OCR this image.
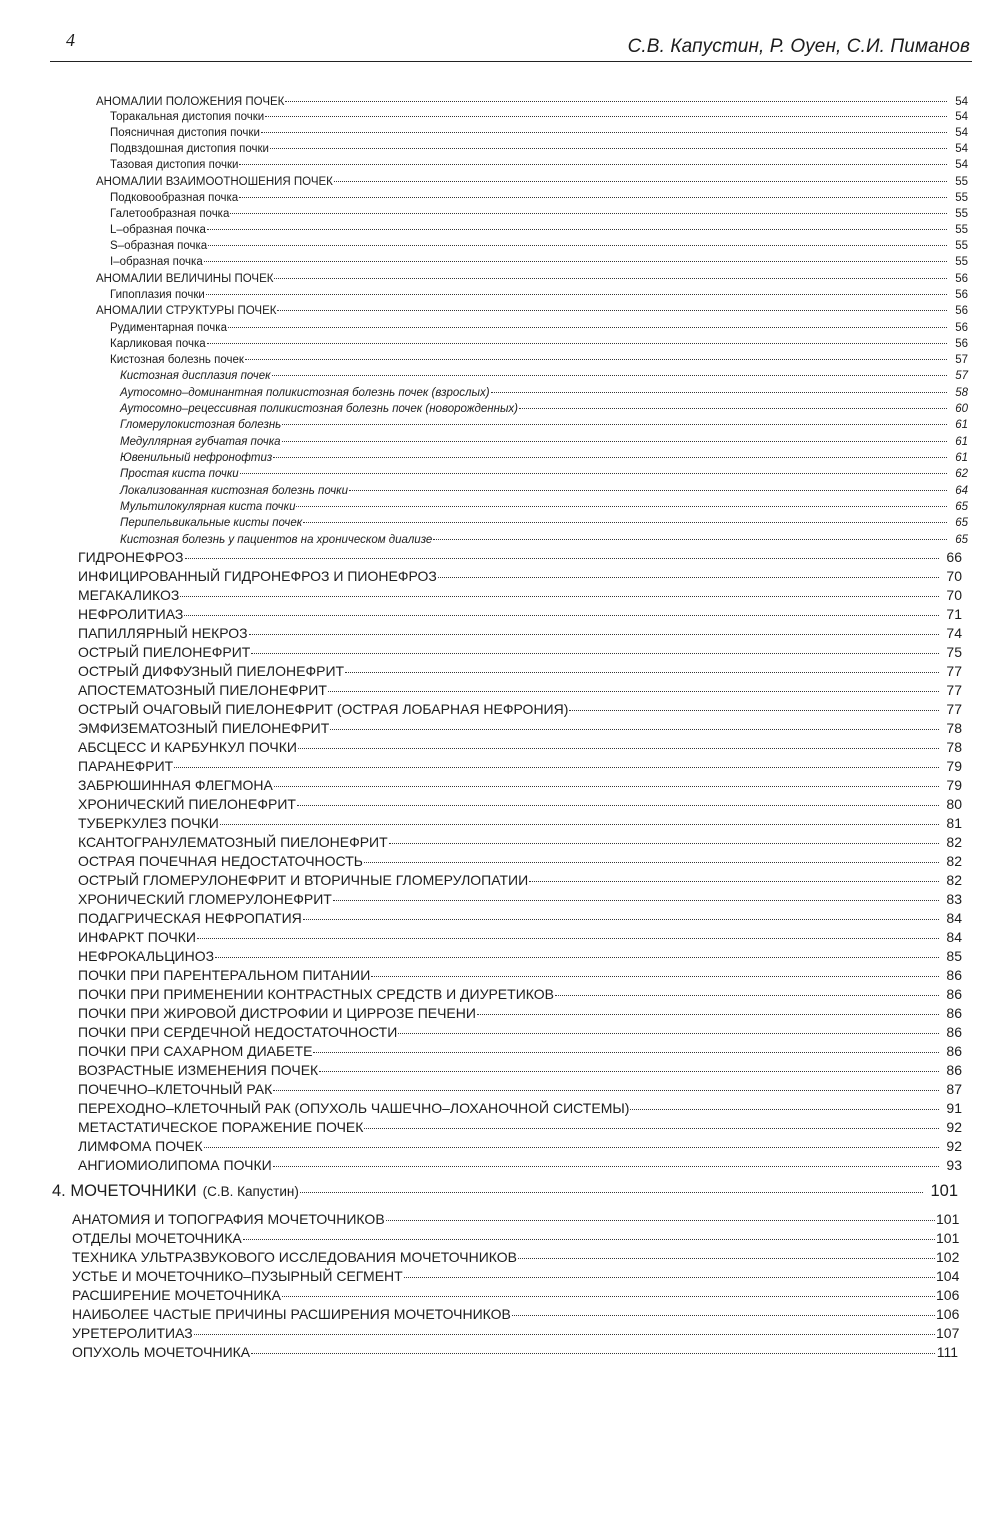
4	С.В. Капустин, Р. Оуен, С.И. Пиманов
АНОМАЛИИ ПОЛОЖЕНИЯ ПОЧЕК	54
Торакальная дистопия почки	54
Поясничная дистопия почки	54
Подвздошная дистопия почки	54
Тазовая дистопия почки	54
АНОМАЛИИ ВЗАИМООТНОШЕНИЯ ПОЧЕК	55
Подковообразная почка	55
Галетообразная почка	55
L–образная почка	55
S–образная почка	55
I–образная почка	55
АНОМАЛИИ ВЕЛИЧИНЫ ПОЧЕК	56
Гипоплазия почки	56
АНОМАЛИИ СТРУКТУРЫ ПОЧЕК	56
Рудиментарная почка	56
Карликовая почка	56
Кистозная болезнь почек	57
Кистозная дисплазия почек	57
Аутосомно–доминантная поликистозная болезнь почек (взрослых)	58
Аутосомно–рецессивная поликистозная болезнь почек (новорожденных)	60
Гломерулокистозная болезнь	61
Медуллярная губчатая почка	61
Ювенильный нефронофтиз	61
Простая киста почки	62
Локализованная кистозная болезнь почки	64
Мультилокулярная киста почки	65
Перипельвикальные кисты почек	65
Кистозная болезнь у пациентов на хроническом диализе	65
ГИДРОНЕФРОЗ	66
ИНФИЦИРОВАННЫЙ ГИДРОНЕФРОЗ И ПИОНЕФРОЗ	70
МЕГАКАЛИКОЗ	70
НЕФРОЛИТИАЗ	71
ПАПИЛЛЯРНЫЙ НЕКРОЗ	74
ОСТРЫЙ ПИЕЛОНЕФРИТ	75
ОСТРЫЙ ДИФФУЗНЫЙ ПИЕЛОНЕФРИТ	77
АПОСТЕМАТОЗНЫЙ ПИЕЛОНЕФРИТ	77
ОСТРЫЙ ОЧАГОВЫЙ ПИЕЛОНЕФРИТ (ОСТРАЯ ЛОБАРНАЯ НЕФРОНИЯ)	77
ЭМФИЗЕМАТОЗНЫЙ ПИЕЛОНЕФРИТ	78
АБСЦЕСС И КАРБУНКУЛ ПОЧКИ	78
ПАРАНЕФРИТ	79
ЗАБРЮШИННАЯ ФЛЕГМОНА	79
ХРОНИЧЕСКИЙ ПИЕЛОНЕФРИТ	80
ТУБЕРКУЛЕЗ ПОЧКИ	81
КСАНТОГРАНУЛЕМАТОЗНЫЙ ПИЕЛОНЕФРИТ	82
ОСТРАЯ ПОЧЕЧНАЯ НЕДОСТАТОЧНОСТЬ	82
ОСТРЫЙ ГЛОМЕРУЛОНЕФРИТ И ВТОРИЧНЫЕ ГЛОМЕРУЛОПАТИИ	82
ХРОНИЧЕСКИЙ ГЛОМЕРУЛОНЕФРИТ	83
ПОДАГРИЧЕСКАЯ НЕФРОПАТИЯ	84
ИНФАРКТ ПОЧКИ	84
НЕФРОКАЛЬЦИНОЗ	85
ПОЧКИ ПРИ ПАРЕНТЕРАЛЬНОМ ПИТАНИИ	86
ПОЧКИ ПРИ ПРИМЕНЕНИИ КОНТРАСТНЫХ СРЕДСТВ И ДИУРЕТИКОВ	86
ПОЧКИ ПРИ ЖИРОВОЙ ДИСТРОФИИ И ЦИРРОЗЕ ПЕЧЕНИ	86
ПОЧКИ ПРИ СЕРДЕЧНОЙ НЕДОСТАТОЧНОСТИ	86
ПОЧКИ ПРИ САХАРНОМ ДИАБЕТЕ	86
ВОЗРАСТНЫЕ ИЗМЕНЕНИЯ ПОЧЕК	86
ПОЧЕЧНО–КЛЕТОЧНЫЙ РАК	87
ПЕРЕХОДНО–КЛЕТОЧНЫЙ РАК (ОПУХОЛЬ ЧАШЕЧНО–ЛОХАНОЧНОЙ СИСТЕМЫ)	91
МЕТАСТАТИЧЕСКОЕ ПОРАЖЕНИЕ ПОЧЕК	92
ЛИМФОМА ПОЧЕК	92
АНГИОМИОЛИПОМА ПОЧКИ	93
4. МОЧЕТОЧНИКИ (С.В. Капустин)	101
АНАТОМИЯ И ТОПОГРАФИЯ МОЧЕТОЧНИКОВ	101
ОТДЕЛЫ МОЧЕТОЧНИКА	101
ТЕХНИКА УЛЬТРАЗВУКОВОГО ИССЛЕДОВАНИЯ МОЧЕТОЧНИКОВ	102
УСТЬЕ И МОЧЕТОЧНИКО–ПУЗЫРНЫЙ СЕГМЕНТ	104
РАСШИРЕНИЕ МОЧЕТОЧНИКА	106
НАИБОЛЕЕ ЧАСТЫЕ ПРИЧИНЫ РАСШИРЕНИЯ МОЧЕТОЧНИКОВ	106
УРЕТЕРОЛИТИАЗ	107
ОПУХОЛЬ МОЧЕТОЧНИКА	111
